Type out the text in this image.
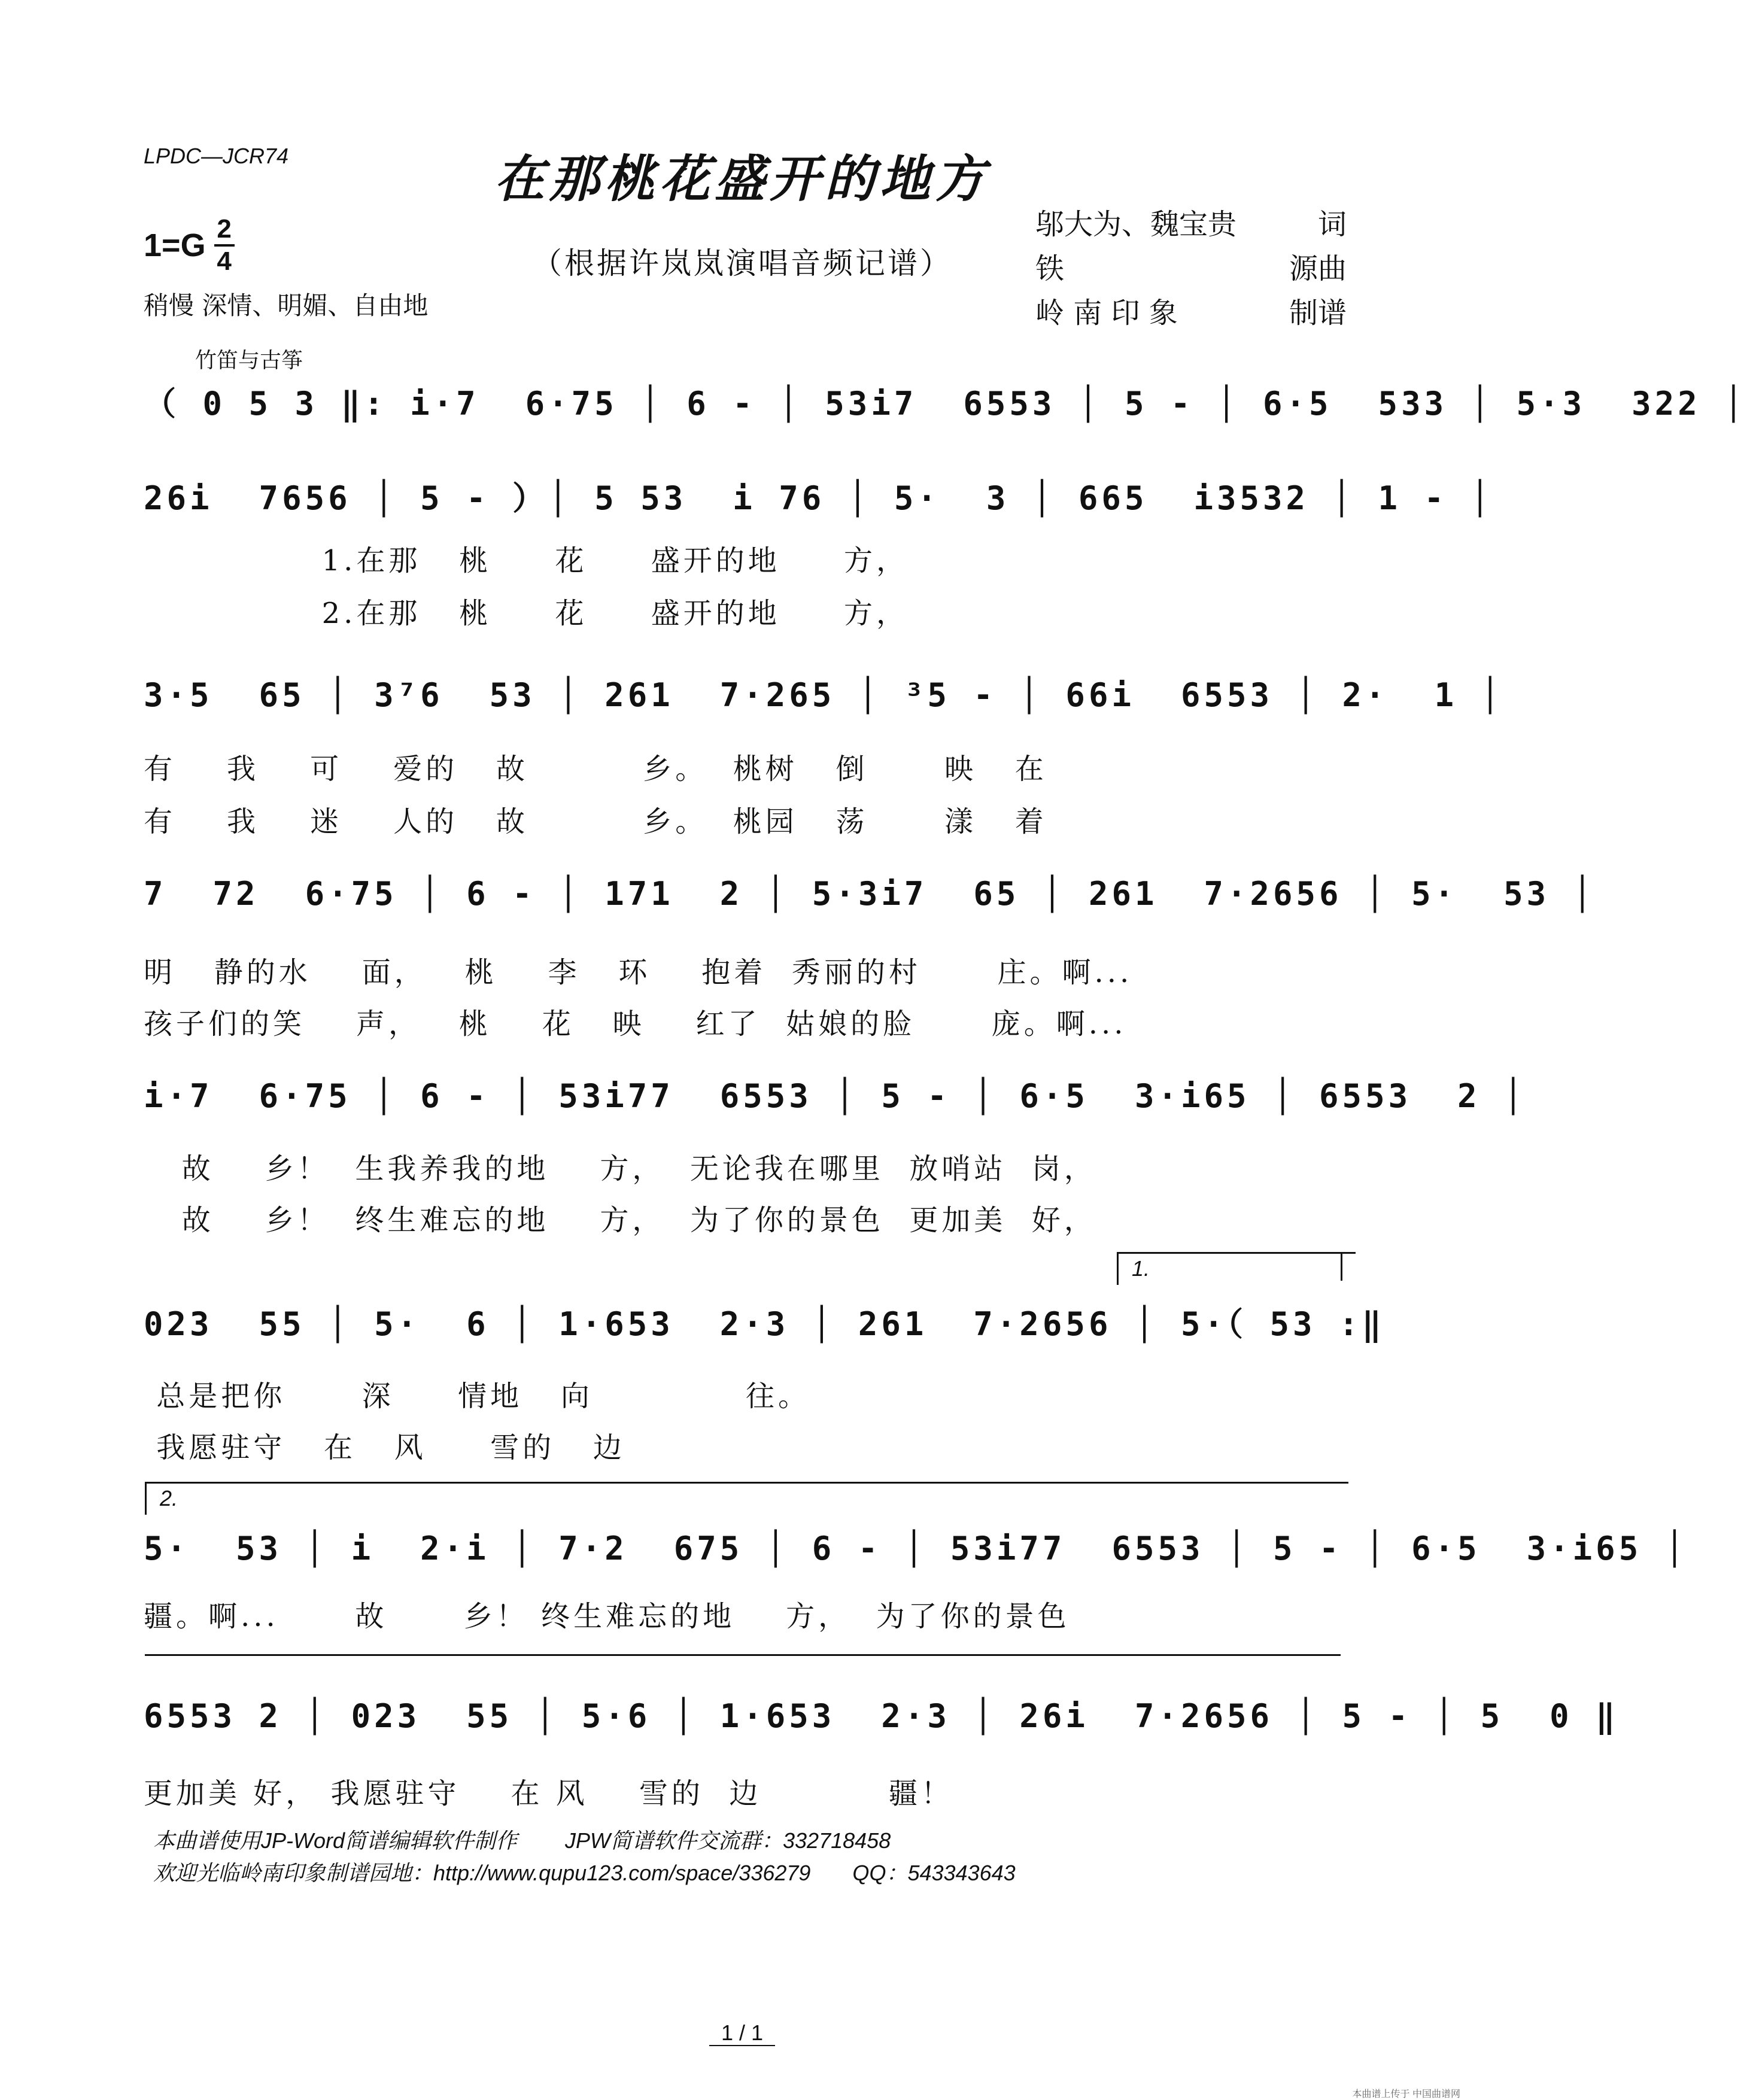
LPDC—JCR74	在那桃花盛开的地方
（根据许岚岚演唱音频记谱）
$1=G \frac{2}{4}$
稍慢 深情、明媚、自由地
邬大为、魏宝贵	词
铁	源曲
岭 南 印 象	制谱
竹笛与古筝
（ 0 5 3 ‖: i·7  6·75 │ 6 - │ 53i7  6553 │ 5 - │ 6·5  533 │ 5·3  322 │
26i  7656 │ 5 - ）│ 5 53  i 76 │ 5·  3 │ 665  i3532 │ 1 - │
1.在那   桃     花     盛开的地     方，
2.在那   桃     花     盛开的地     方，
3·5  65 │ 3⁷6  53 │ 261  7·265 │ ³5 - │ 66i  6553 │ 2·  1 │
有    我    可    爱的   故         乡。  桃树   倒      映   在
有    我    迷    人的   故         乡。  桃园   荡      漾   着
7  72  6·75 │ 6 - │ 171  2 │ 5·3i7  65 │ 261  7·2656 │ 5·  53 │
明   静的水    面，   桃    李   环    抱着  秀丽的村      庄。啊...
孩子们的笑    声，   桃    花   映    红了  姑娘的脸      庞。啊...
i·7  6·75 │ 6 - │ 53i77  6553 │ 5 - │ 6·5  3·i65 │ 6553  2 │
故    乡！  生我养我的地    方，  无论我在哪里  放哨站  岗，
故    乡！  终生难忘的地    方，  为了你的景色  更加美  好，
1.
023  55 │ 5·  6 │ 1·653  2·3 │ 261  7·2656 │ 5·（ 53 :‖
总是把你      深     情地   向            往。
我愿驻守   在   风     雪的   边
2.
5·  53 │ i  2·i │ 7·2  675 │ 6 - │ 53i77  6553 │ 5 - │ 6·5  3·i65 │
疆。啊...      故      乡！ 终生难忘的地    方，  为了你的景色
6553 2 │ 023  55 │ 5·6 │ 1·653  2·3 │ 26i  7·2656 │ 5 - │ 5  0 ‖
更加美 好， 我愿驻守    在 风    雪的  边          疆！
本曲谱使用JP-Word简谱编辑软件制作        JPW简谱软件交流群：332718458
欢迎光临岭南印象制谱园地：http://www.qupu123.com/space/336279       QQ：543343643
1 / 1
本曲谱上传于 中国曲谱网
